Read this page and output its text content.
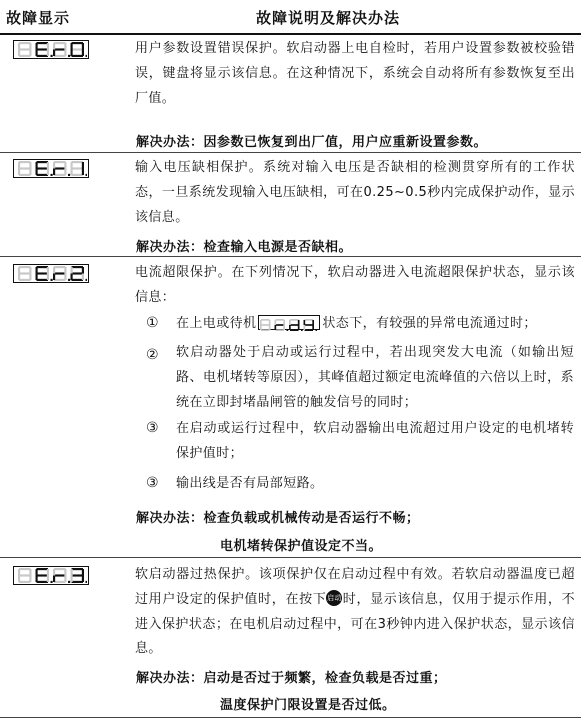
故障显示	故障说明及解决办法

用户参数设置错误保护。软启动器上电自检时，若用户设置参数被校验错误，键盘将显示该信息。在这种情况下，系统会自动将所有参数恢复至出厂值。

解决办法：因参数已恢复到出厂值，用户应重新设置参数。

输入电压缺相保护。系统对输入电压是否缺相的检测贯穿所有的工作状态，一旦系统发现输入电压缺相，可在0.25~0.5秒内完成保护动作，显示该信息。

解决办法：检查输入电源是否缺相。

电流超限保护。在下列情况下，软启动器进入电流超限保护状态，显示该信息：

① 在上电或待机	状态下，有较强的异常电流通过时；
② 软启动器处于启动或运行过程中，若出现突发大电流（如输出短路、电机堵转等原因），其峰值超过额定电流峰值的六倍以上时，系统在立即封堵晶闸管的触发信号的同时；
③ 在启动或运行过程中，软启动器输出电流超过用户设定的电机堵转保护值时；
③ 输出线是否有局部短路。
解决办法：检查负载或机械传动是否运行不畅；
电机堵转保护值设定不当。

软启动器过热保护。该项保护仅在启动过程中有效。若软启动器温度已超过用户设定的保护值时，在按下启动时，显示该信息，仅用于提示作用，不进入保护状态；在电机启动过程中，可在3秒钟内进入保护状态，显示该信息。

解决办法：启动是否过于频繁，检查负载是否过重；
温度保护门限设置是否过低。
